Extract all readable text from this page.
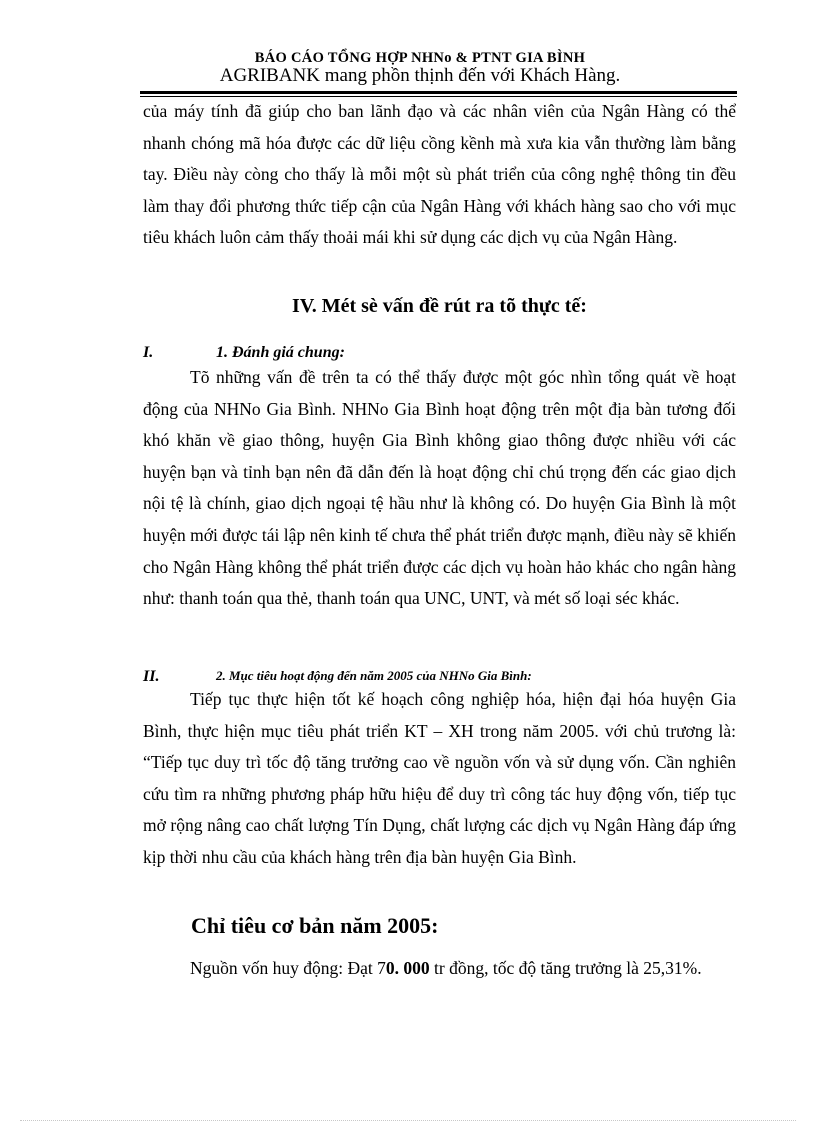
BÁO CÁO TỔNG HỢP NHNo & PTNT GIA BÌNH
AGRIBANK mang phồn thịnh đến với Khách Hàng.

của máy tính đã giúp cho ban lãnh đạo và các nhân viên của Ngân Hàng có thể nhanh chóng mã hóa được các dữ liệu cồng kềnh mà xưa kia vẫn thường làm bằng tay. Điều này còng cho thấy là mỗi một sù phát triển của công nghệ thông tin đều làm thay đổi phương thức tiếp cận của Ngân Hàng với khách hàng sao cho với mục tiêu khách luôn cảm thấy thoải mái khi sử dụng các dịch vụ của Ngân Hàng.

IV. Mét sè vấn đề rút ra tõ thực tế:
I.	1. Đánh giá chung:

Tõ những vấn đề trên ta có thể thấy được một góc nhìn tổng quát về hoạt động của NHNo Gia Bình. NHNo Gia Bình hoạt động trên một địa bàn tương đối khó khăn về giao thông, huyện Gia Bình không giao thông được nhiều với các huyện bạn và tỉnh bạn nên đã dẫn đến là hoạt động chỉ chú trọng đến các giao dịch nội tệ là chính, giao dịch ngoại tệ hầu như là không có. Do huyện Gia Bình là một huyện mới được tái lập nên kinh tế chưa thể phát triển được mạnh, điều này sẽ khiến cho Ngân Hàng không thể phát triển được các dịch vụ hoàn hảo khác cho ngân hàng như: thanh toán qua thẻ, thanh toán qua UNC, UNT, và mét số loại séc khác.

II.	2. Mục tiêu hoạt động đến năm 2005 của NHNo Gia Bình:

Tiếp tục thực hiện tốt kế hoạch công nghiệp hóa, hiện đại hóa huyện Gia Bình, thực hiện mục tiêu phát triển KT – XH trong năm 2005. với chủ trương là: “Tiếp tục duy trì tốc độ tăng trưởng cao về nguồn vốn và sử dụng vốn. Cần nghiên cứu tìm ra những phương pháp hữu hiệu để duy trì công tác huy động vốn, tiếp tục mở rộng nâng cao chất lượng Tín Dụng, chất lượng các dịch vụ Ngân Hàng đáp ứng kịp thời nhu cầu của khách hàng trên địa bàn huyện Gia Bình.

Chỉ tiêu cơ bản năm 2005:

Nguồn vốn huy động: Đạt 70. 000 tr đồng, tốc độ tăng trưởng là 25,31%.
